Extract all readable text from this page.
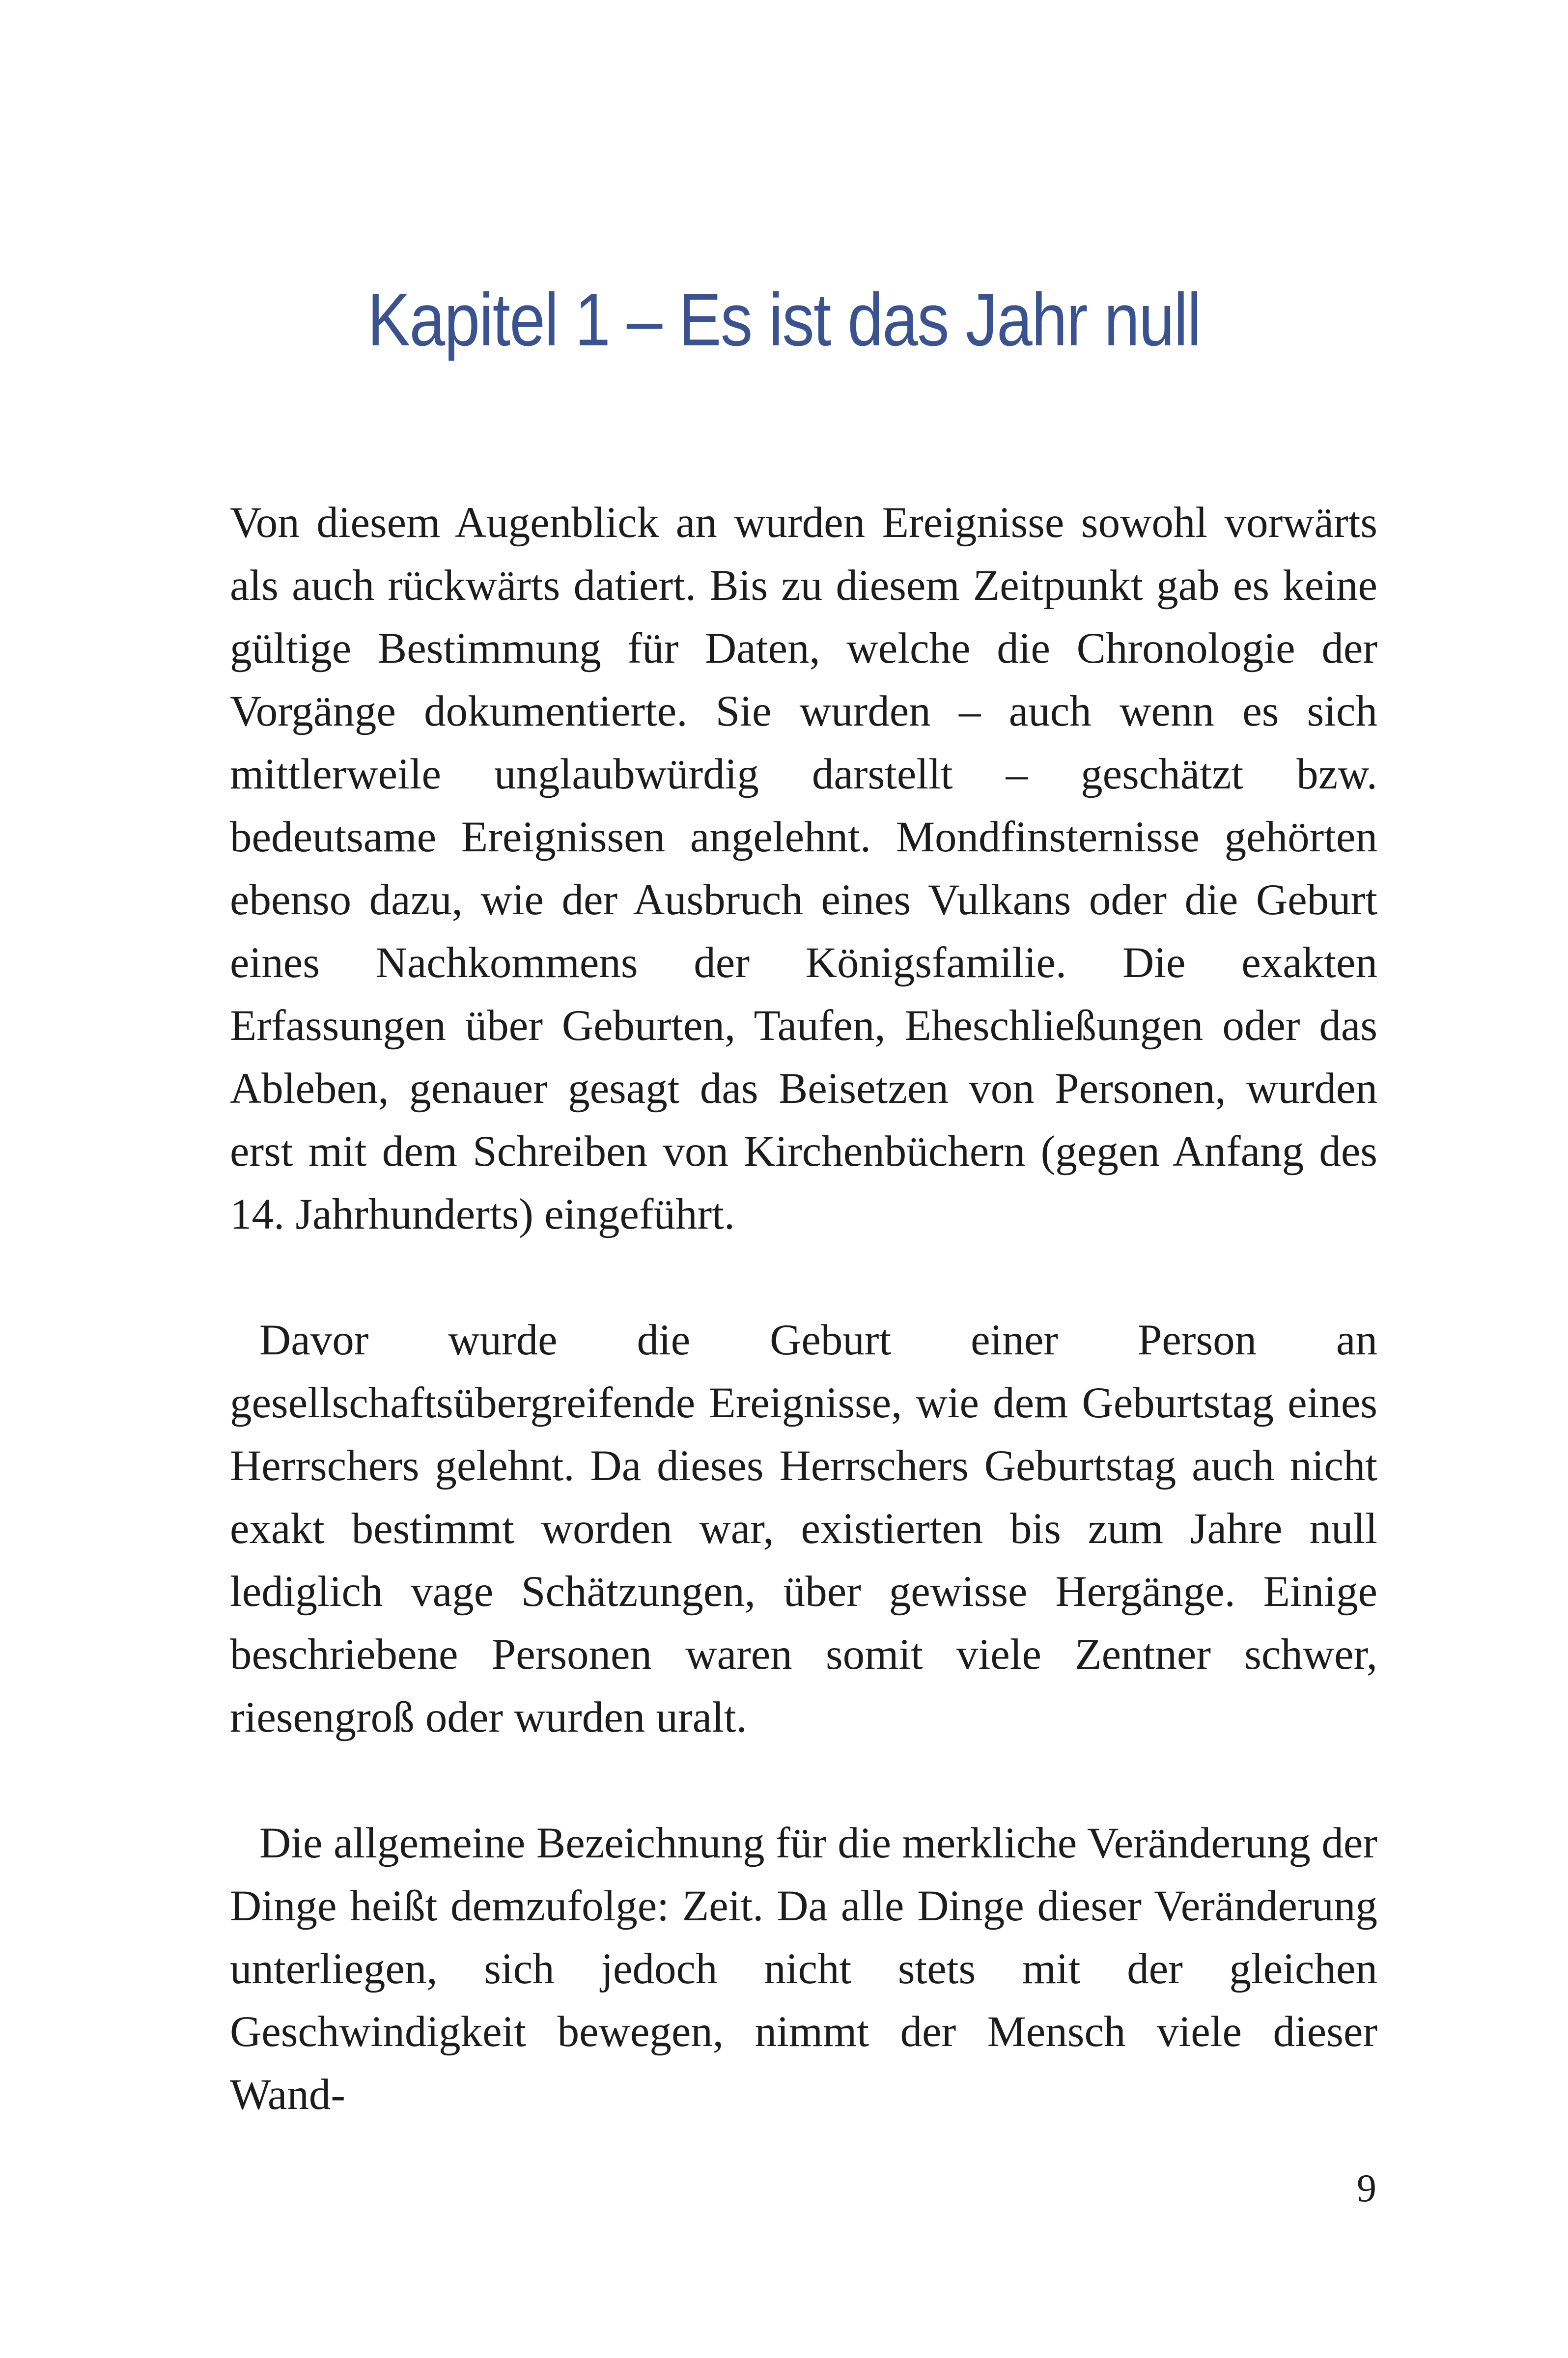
Kapitel 1 – Es ist das Jahr null

Von diesem Augenblick an wurden Ereignisse sowohl vorwärts als auch rückwärts datiert. Bis zu diesem Zeitpunkt gab es keine gültige Bestimmung für Daten, welche die Chronologie der Vorgänge dokumentierte. Sie wurden – auch wenn es sich mittlerweile unglaubwürdig darstellt – geschätzt bzw. bedeutsame Ereignissen angelehnt. Mondfinsternisse gehörten ebenso dazu, wie der Ausbruch eines Vulkans oder die Geburt eines Nachkommens der Königsfamilie. Die exakten Erfassungen über Geburten, Taufen, Eheschließungen oder das Ableben, genauer gesagt das Beisetzen von Personen, wurden erst mit dem Schreiben von Kirchenbüchern (gegen Anfang des 14. Jahrhunderts) eingeführt.

Davor wurde die Geburt einer Person an gesellschaftsübergreifende Ereignisse, wie dem Geburtstag eines Herrschers gelehnt. Da dieses Herrschers Geburtstag auch nicht exakt bestimmt worden war, existierten bis zum Jahre null lediglich vage Schätzungen, über gewisse Hergänge. Einige beschriebene Personen waren somit viele Zentner schwer, riesengroß oder wurden uralt.

Die allgemeine Bezeichnung für die merkliche Veränderung der Dinge heißt demzufolge: Zeit. Da alle Dinge dieser Veränderung unterliegen, sich jedoch nicht stets mit der gleichen Geschwindigkeit bewegen, nimmt der Mensch viele dieser Wand-

9
